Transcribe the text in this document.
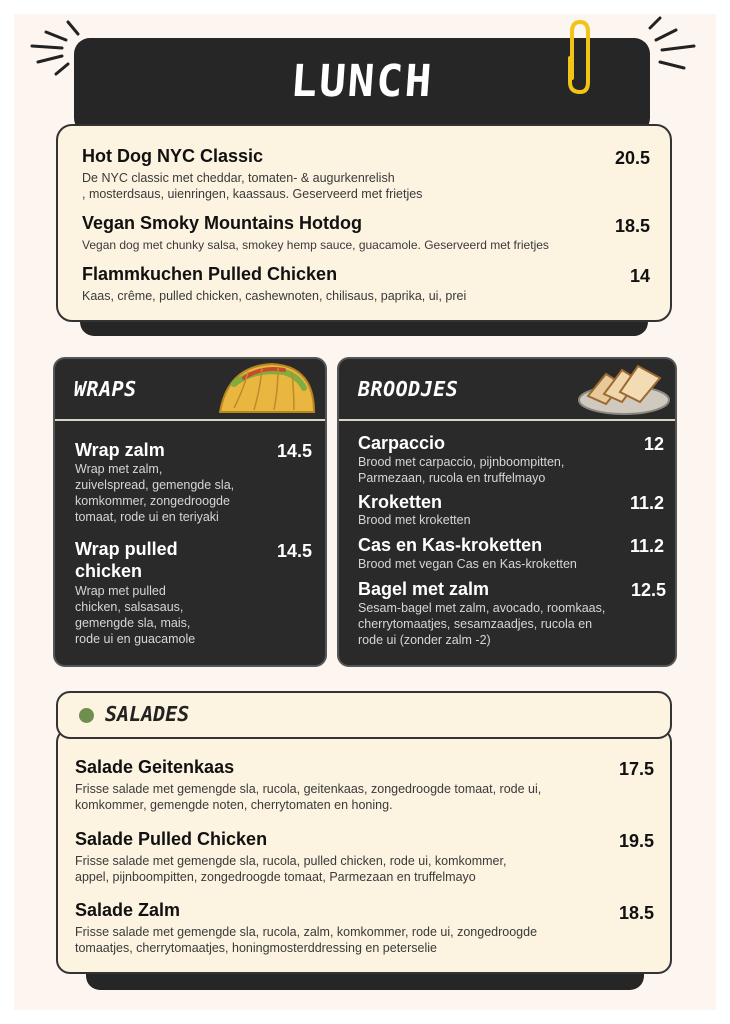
LUNCH
Hot Dog NYC Classic	20.5
De NYC classic met cheddar, tomaten- & augurkenrelish
, mosterdsaus, uienringen, kaassaus. Geserveerd met frietjes
Vegan Smoky Mountains Hotdog	18.5
Vegan dog met chunky salsa, smokey hemp sauce, guacamole. Geserveerd met frietjes
Flammkuchen Pulled Chicken	14
Kaas, crême, pulled chicken, cashewnoten, chilisaus, paprika, ui, prei
WRAPS
Wrap zalm	14.5
Wrap met zalm,
zuivelspread, gemengde sla,
komkommer, zongedroogde
tomaat, rode ui en teriyaki
Wrap pulled
chicken
14.5
Wrap met pulled
chicken, salsasaus,
gemengde sla, mais,
rode ui en guacamole
BROODJES
Carpaccio	12
Brood met carpaccio, pijnboompitten,
Parmezaan, rucola en truffelmayo
Kroketten	11.2
Brood met kroketten
Cas en Kas-kroketten	11.2
Brood met vegan Cas en Kas-kroketten
Bagel met zalm	12.5
Sesam-bagel met zalm, avocado, roomkaas,
cherrytomaatjes, sesamzaadjes, rucola en
rode ui (zonder zalm -2)
SALADES
Salade Geitenkaas	17.5
Frisse salade met gemengde sla, rucola, geitenkaas, zongedroogde tomaat, rode ui,
komkommer, gemengde noten, cherrytomaten en honing.
Salade Pulled Chicken	19.5
Frisse salade met gemengde sla, rucola, pulled chicken, rode ui, komkommer,
appel, pijnboompitten, zongedroogde tomaat, Parmezaan en truffelmayo
Salade Zalm	18.5
Frisse salade met gemengde sla, rucola, zalm, komkommer, rode ui, zongedroogde
tomaatjes, cherrytomaatjes, honingmosterddressing en peterselie
